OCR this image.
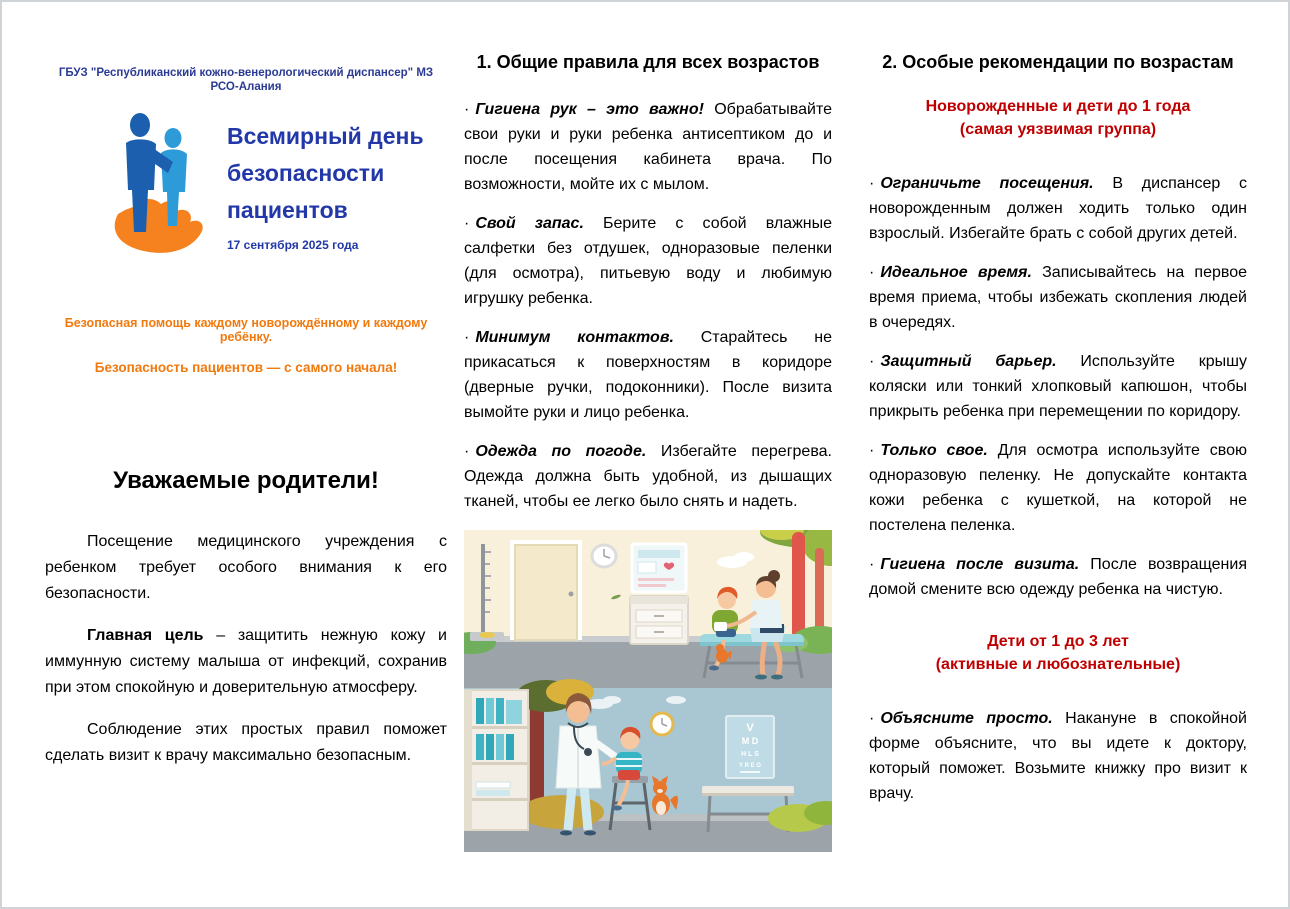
ГБУЗ "Республиканский кожно-венерологический диспансер" МЗ РСО-Алания
Всемирный день
безопасности
пациентов
17 сентября 2025 года
Безопасная помощь каждому новорождённому и каждому ребёнку.
Безопасность пациентов — с самого начала!
Уважаемые родители!

Посещение медицинского учреждения с ребенком требует особого внимания к его безопасности.

Главная цель – защитить нежную кожу и иммунную систему малыша от инфекций, сохранив при этом спокойную и доверительную атмосферу.

Соблюдение этих простых правил поможет сделать визит к врачу максимально безопасным.

1. Общие правила для всех возрастов

· Гигиена рук – это важно! Обрабатывайте свои руки и руки ребенка антисептиком до и после посещения кабинета врача. По возможности, мойте их с мылом.

· Свой запас. Берите с собой влажные салфетки без отдушек, одноразовые пеленки (для осмотра), питьевую воду и любимую игрушку ребенка.

· Минимум контактов. Старайтесь не прикасаться к поверхностям в коридоре (дверные ручки, подоконники). После визита вымойте руки и лицо ребенка.

· Одежда по погоде. Избегайте перегрева. Одежда должна быть удобной, из дышащих тканей, чтобы ее легко было снять и надеть.

V
M D
H L S
Y R E O
2. Особые рекомендации по возрастам
Новорожденные и дети до 1 года
(самая уязвимая группа)

· Ограничьте посещения. В диспансер с новорожденным должен ходить только один взрослый. Избегайте брать с собой других детей.

· Идеальное время. Записывайтесь на первое время приема, чтобы избежать скопления людей в очередях.

· Защитный барьер. Используйте крышу коляски или тонкий хлопковый капюшон, чтобы прикрыть ребенка при перемещении по коридору.

· Только свое. Для осмотра используйте свою одноразовую пеленку. Не допускайте контакта кожи ребенка с кушеткой, на которой не постелена пеленка.

· Гигиена после визита. После возвращения домой смените всю одежду ребенка на чистую.

Дети от 1 до 3 лет
(активные и любознательные)

· Объясните просто. Накануне в спокойной форме объясните, что вы идете к доктору, который поможет. Возьмите книжку про визит к врачу.
